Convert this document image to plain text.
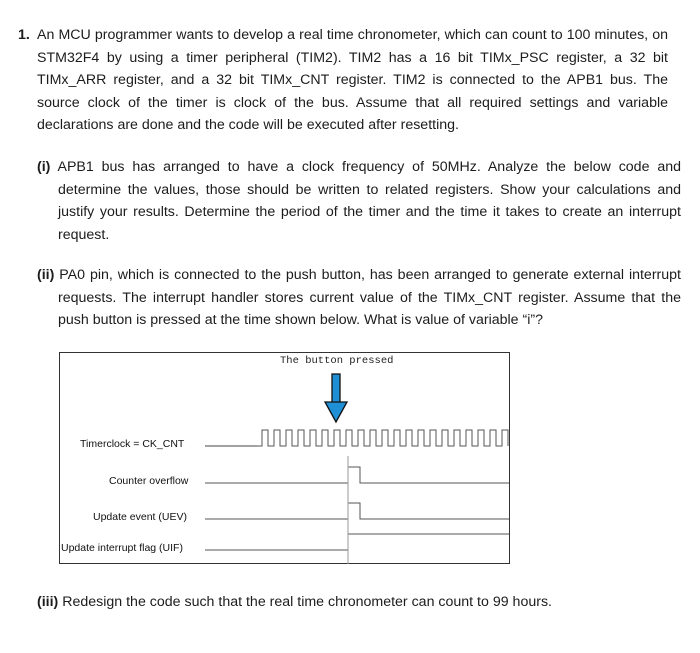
1. An MCU programmer wants to develop a real time chronometer, which can count to 100 minutes, on STM32F4 by using a timer peripheral (TIM2). TIM2 has a 16 bit TIMx_PSC register, a 32 bit TIMx_ARR register, and a 32 bit TIMx_CNT register. TIM2 is connected to the APB1 bus. The source clock of the timer is clock of the bus. Assume that all required settings and variable declarations are done and the code will be executed after resetting.
(i) APB1 bus has arranged to have a clock frequency of 50MHz. Analyze the below code and determine the values, those should be written to related registers. Show your calculations and justify your results. Determine the period of the timer and the time it takes to create an interrupt request.
(ii) PA0 pin, which is connected to the push button, has been arranged to generate external interrupt requests. The interrupt handler stores current value of the TIMx_CNT register. Assume that the push button is pressed at the time shown below. What is value of variable “i”?
Timerclock = CK_CNT
Counter overflow
Update event (UEV)
Update interrupt flag (UIF)
The button pressed
(iii) Redesign the code such that the real time chronometer can count to 99 hours.
